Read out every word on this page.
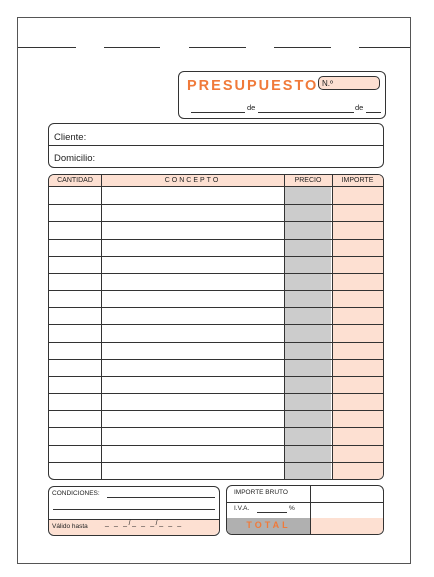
PRESUPUESTO N.º
de	de
Cliente:
Domicilio:
CANTIDAD	CONCEPTO	PRECIO	IMPORTE
CONDICIONES:
Válido hasta _ _ _/_ _ _/_ _ _
IMPORTE BRUTO
I.V.A.	%
TOTAL
